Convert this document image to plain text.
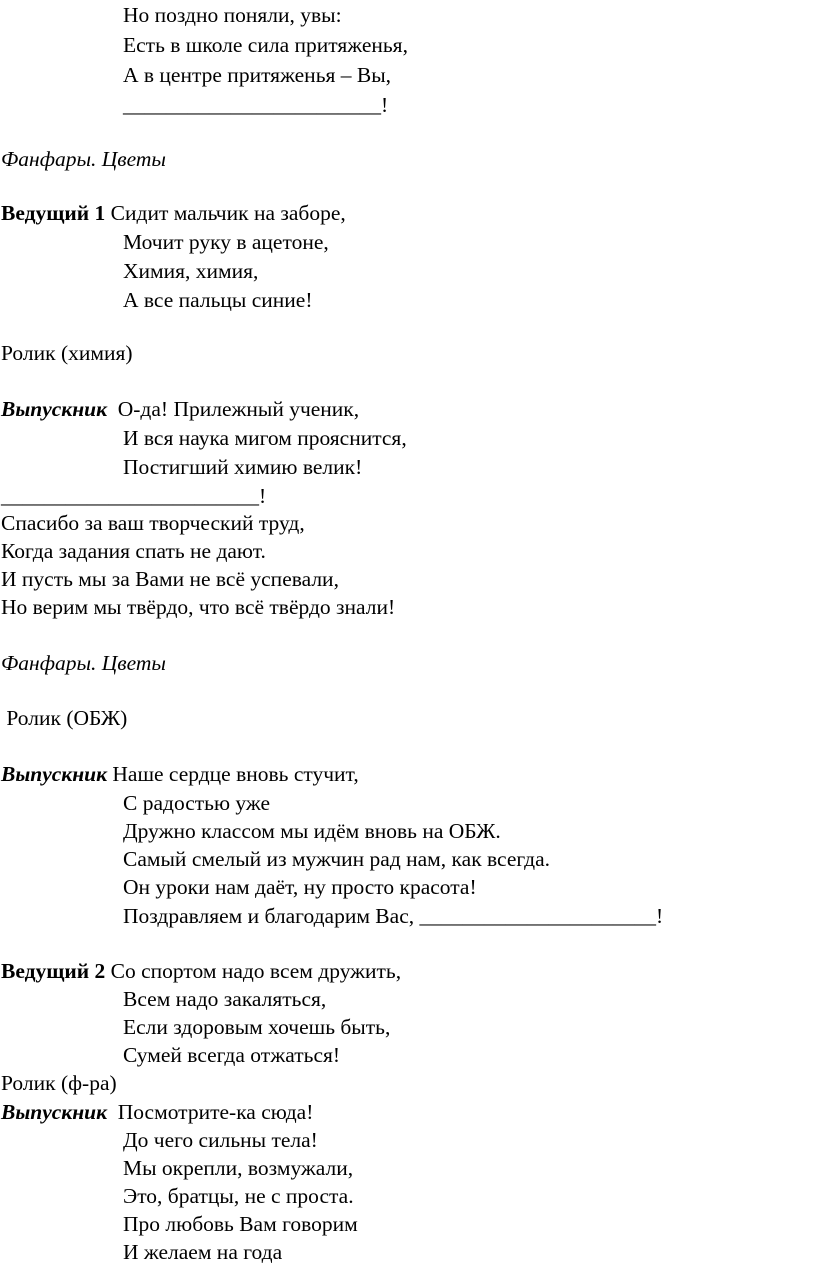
Но поздно поняли, увы:
Есть в школе сила притяженья,
А в центре притяженья – Вы,
________________________!
Фанфары. Цветы
Ведущий 1 Сидит мальчик на заборе,
Мочит руку в ацетоне,
Химия, химия,
А все пальцы синие!
Ролик (химия)
Выпускник  О-да! Прилежный ученик,
И вся наука мигом прояснится,
Постигший химию велик!
________________________!
Спасибо за ваш творческий труд,
Когда задания спать не дают.
И пусть мы за Вами не всё успевали,
Но верим мы твёрдо, что всё твёрдо знали!
Фанфары. Цветы
Ролик (ОБЖ)
Выпускник Наше сердце вновь стучит,
С радостью уже
Дружно классом мы идём вновь на ОБЖ.
Самый смелый из мужчин рад нам, как всегда.
Он уроки нам даёт, ну просто красота!
Поздравляем и благодарим Вас, ______________________!
Ведущий 2 Со спортом надо всем дружить,
Всем надо закаляться,
Если здоровым хочешь быть,
Сумей всегда отжаться!
Ролик (ф-ра)
Выпускник  Посмотрите-ка сюда!
До чего сильны тела!
Мы окрепли, возмужали,
Это, братцы, не с проста.
Про любовь Вам говорим
И желаем на года
